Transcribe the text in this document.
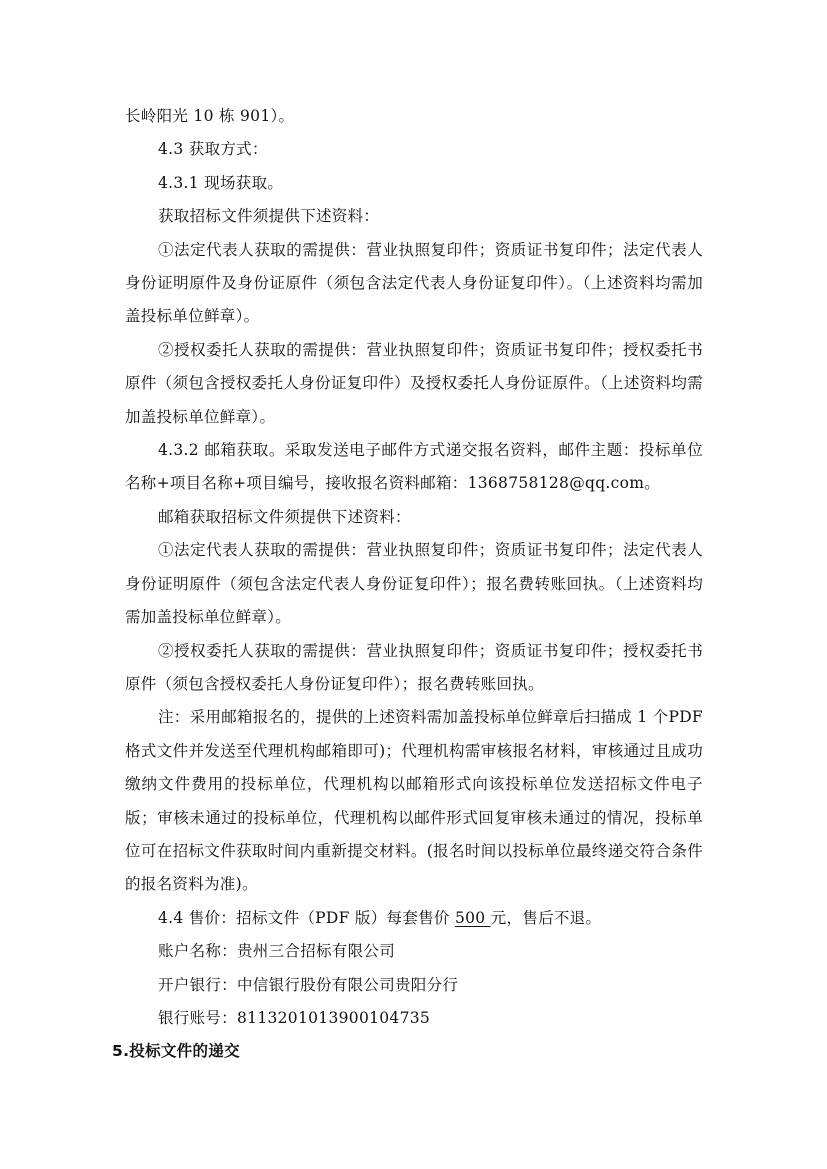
长岭阳光 10 栋 901）。

4.3 获取方式：

4.3.1 现场获取。

获取招标文件须提供下述资料：

①法定代表人获取的需提供：营业执照复印件；资质证书复印件；法定代表人身份证明原件及身份证原件（须包含法定代表人身份证复印件）。（上述资料均需加盖投标单位鲜章）。

②授权委托人获取的需提供：营业执照复印件；资质证书复印件；授权委托书原件（须包含授权委托人身份证复印件）及授权委托人身份证原件。（上述资料均需加盖投标单位鲜章）。

4.3.2 邮箱获取。采取发送电子邮件方式递交报名资料，邮件主题：投标单位名称+项目名称+项目编号，接收报名资料邮箱：1368758128@qq.com。

邮箱获取招标文件须提供下述资料：

①法定代表人获取的需提供：营业执照复印件；资质证书复印件；法定代表人身份证明原件（须包含法定代表人身份证复印件）；报名费转账回执。（上述资料均需加盖投标单位鲜章）。

②授权委托人获取的需提供：营业执照复印件；资质证书复印件；授权委托书原件（须包含授权委托人身份证复印件）；报名费转账回执。

注：采用邮箱报名的，提供的上述资料需加盖投标单位鲜章后扫描成 1 个PDF 格式文件并发送至代理机构邮箱即可)；代理机构需审核报名材料，审核通过且成功缴纳文件费用的投标单位，代理机构以邮箱形式向该投标单位发送招标文件电子版；审核未通过的投标单位，代理机构以邮件形式回复审核未通过的情况，投标单位可在招标文件获取时间内重新提交材料。(报名时间以投标单位最终递交符合条件的报名资料为准)。

4.4 售价：招标文件（PDF 版）每套售价 500 元，售后不退。

账户名称：贵州三合招标有限公司

开户银行：中信银行股份有限公司贵阳分行

银行账号：8113201013900104735

5.投标文件的递交
